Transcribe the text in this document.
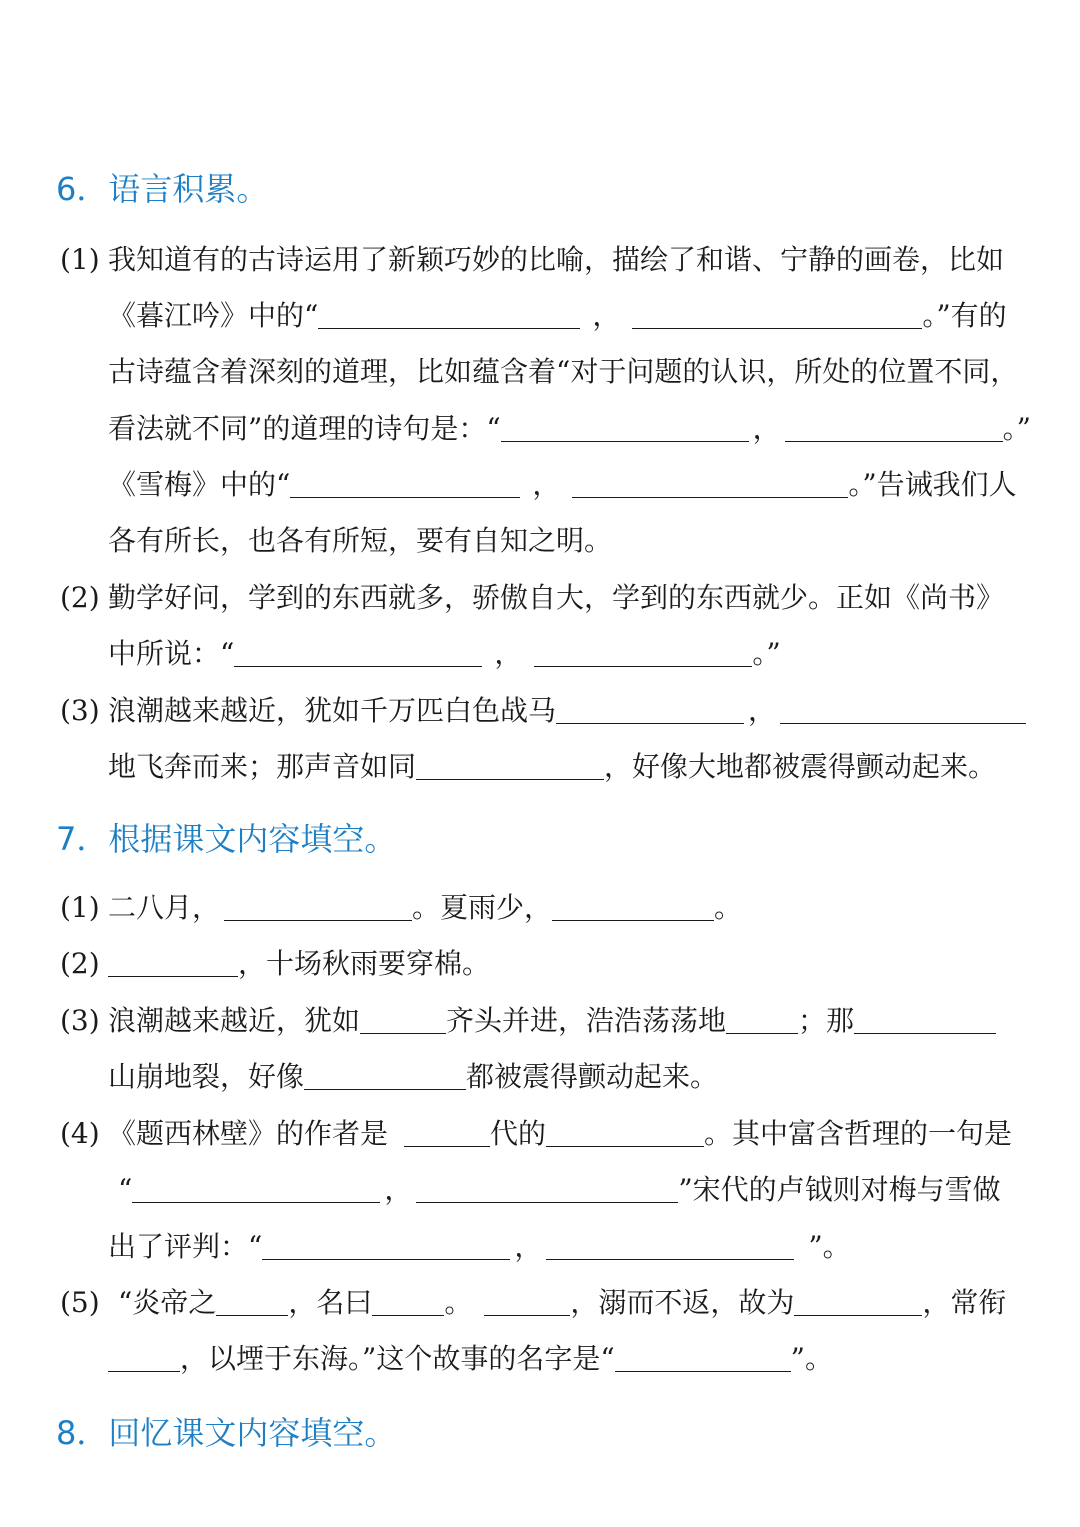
6．语言积累。
(1) 我知道有的古诗运用了新颖巧妙的比喻，描绘了和谐、宁静的画卷，比如
《暮江吟》中的“	，	。”有的
古诗蕴含着深刻的道理，比如蕴含着“对于问题的认识，所处的位置不同，
看法就不同”的道理的诗句是：“	，	。”
《雪梅》中的“	，	。”告诫我们人
各有所长，也各有所短，要有自知之明。
(2) 勤学好问，学到的东西就多，骄傲自大，学到的东西就少。正如《尚书》
中所说：“	，	。”
(3) 浪潮越来越近，犹如千万匹白色战马	，
地飞奔而来；那声音如同	，好像大地都被震得颤动起来。
7．根据课文内容填空。
(1) 二八月，	。夏雨少，	。
(2)	，十场秋雨要穿棉。
(3) 浪潮越来越近，犹如	齐头并进，浩浩荡荡地	；那
山崩地裂，好像	都被震得颤动起来。
(4) 《题西林壁》的作者是	代的	。其中富含哲理的一句是
“	，	”宋代的卢钺则对梅与雪做
出了评判：“	，	”。
(5) “炎帝之	，名曰	。	，溺而不返，故为	，常衔
，以堙于东海。”这个故事的名字是“	”。
8．回忆课文内容填空。
